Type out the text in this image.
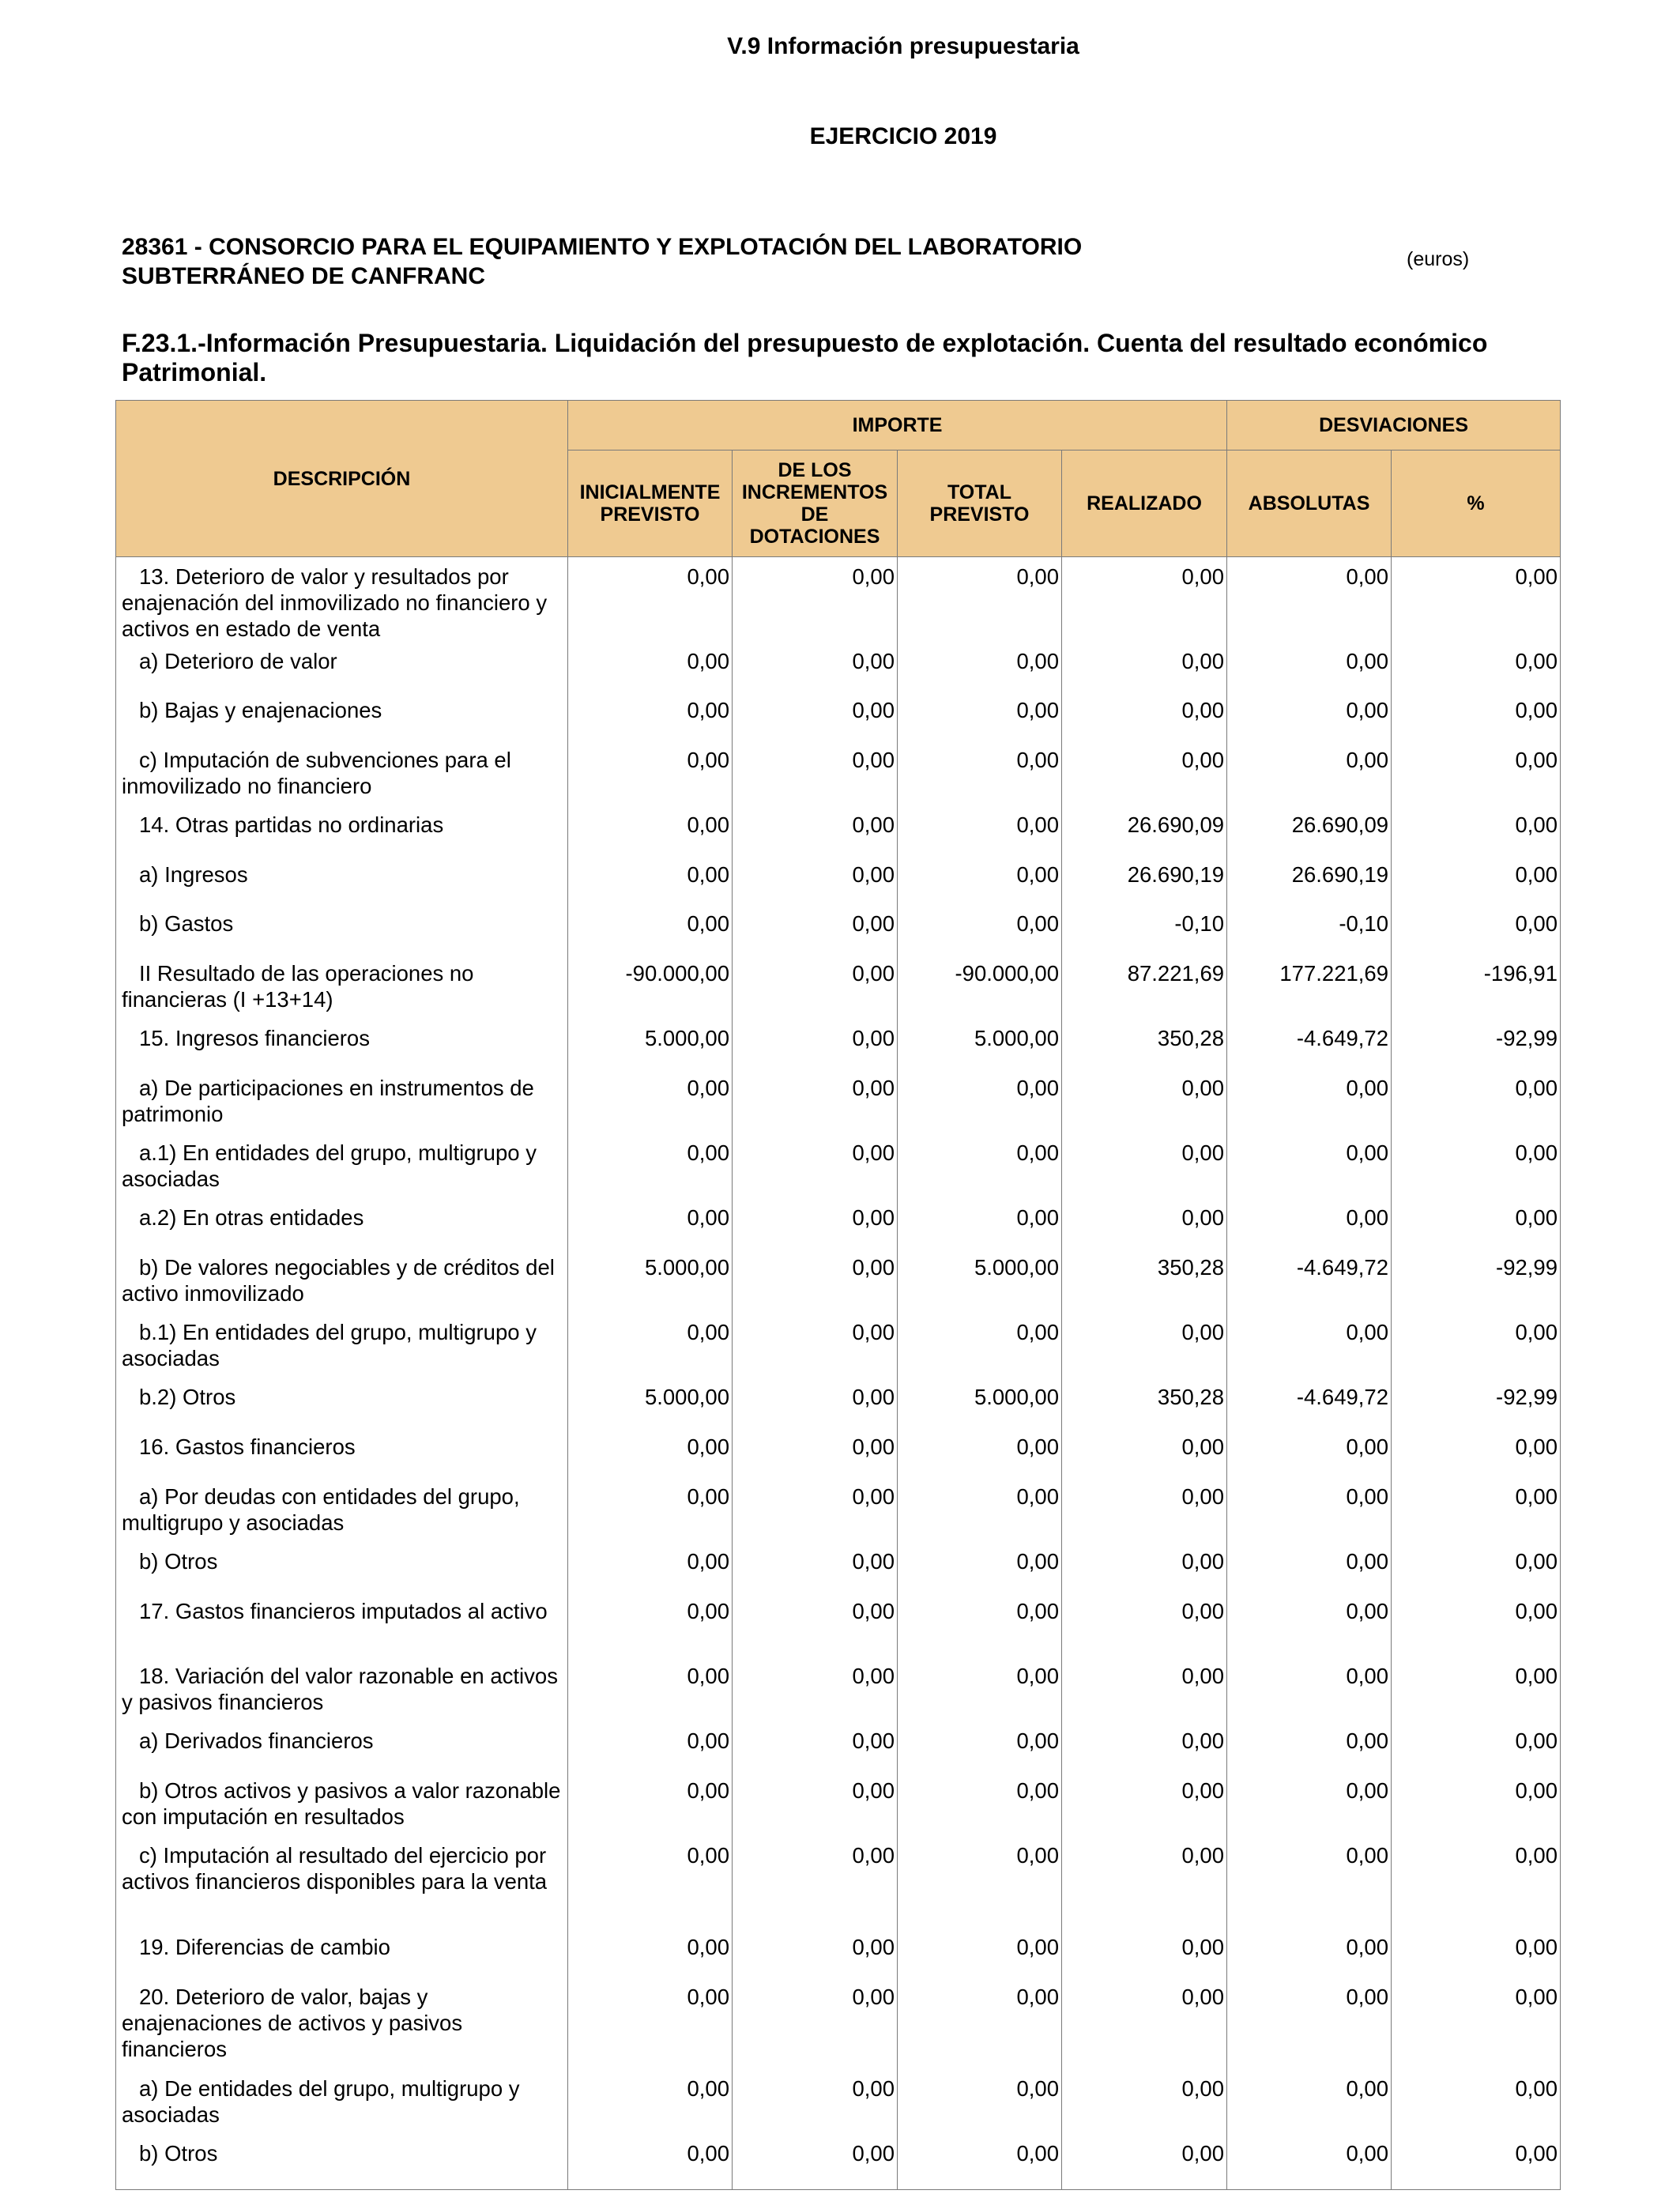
V.9 Información presupuestaria
EJERCICIO 2019
28361 - CONSORCIO PARA EL EQUIPAMIENTO Y EXPLOTACIÓN DEL LABORATORIO
SUBTERRÁNEO DE CANFRANC
(euros)
F.23.1.-Información Presupuestaria. Liquidación del presupuesto de explotación. Cuenta del resultado económico Patrimonial.
DESCRIPCIÓN	IMPORTE				DESVIACIONES	
	INICIALMENTE PREVISTO	DE LOS INCREMENTOS DE DOTACIONES	TOTAL PREVISTO	REALIZADO	ABSOLUTAS	%
13. Deterioro de valor y resultados por enajenación del inmovilizado no financiero y activos en estado de venta	0,00	0,00	0,00	0,00	0,00	0,00
a) Deterioro de valor	0,00	0,00	0,00	0,00	0,00	0,00
b) Bajas y enajenaciones	0,00	0,00	0,00	0,00	0,00	0,00
c) Imputación de subvenciones para el inmovilizado no financiero	0,00	0,00	0,00	0,00	0,00	0,00
14. Otras partidas no ordinarias	0,00	0,00	0,00	26.690,09	26.690,09	0,00
a) Ingresos	0,00	0,00	0,00	26.690,19	26.690,19	0,00
b) Gastos	0,00	0,00	0,00	-0,10	-0,10	0,00
II Resultado de las operaciones no financieras (I +13+14)	-90.000,00	0,00	-90.000,00	87.221,69	177.221,69	-196,91
15. Ingresos financieros	5.000,00	0,00	5.000,00	350,28	-4.649,72	-92,99
a) De participaciones en instrumentos de patrimonio	0,00	0,00	0,00	0,00	0,00	0,00
a.1) En entidades del grupo, multigrupo y asociadas	0,00	0,00	0,00	0,00	0,00	0,00
a.2) En otras entidades	0,00	0,00	0,00	0,00	0,00	0,00
b) De valores negociables y de créditos del activo inmovilizado	5.000,00	0,00	5.000,00	350,28	-4.649,72	-92,99
b.1) En entidades del grupo, multigrupo y asociadas	0,00	0,00	0,00	0,00	0,00	0,00
b.2) Otros	5.000,00	0,00	5.000,00	350,28	-4.649,72	-92,99
16. Gastos financieros	0,00	0,00	0,00	0,00	0,00	0,00
a) Por deudas con entidades del grupo, multigrupo y asociadas	0,00	0,00	0,00	0,00	0,00	0,00
b) Otros	0,00	0,00	0,00	0,00	0,00	0,00
17. Gastos financieros imputados al activo	0,00	0,00	0,00	0,00	0,00	0,00
18. Variación del valor razonable en activos y pasivos financieros	0,00	0,00	0,00	0,00	0,00	0,00
a) Derivados financieros	0,00	0,00	0,00	0,00	0,00	0,00
b) Otros activos y pasivos a valor razonable con imputación en resultados	0,00	0,00	0,00	0,00	0,00	0,00
c) Imputación al resultado del ejercicio por activos financieros disponibles para la venta	0,00	0,00	0,00	0,00	0,00	0,00
19. Diferencias de cambio	0,00	0,00	0,00	0,00	0,00	0,00
20. Deterioro de valor, bajas y enajenaciones de activos y pasivos financieros	0,00	0,00	0,00	0,00	0,00	0,00
a) De entidades del grupo, multigrupo y asociadas	0,00	0,00	0,00	0,00	0,00	0,00
b) Otros	0,00	0,00	0,00	0,00	0,00	0,00
